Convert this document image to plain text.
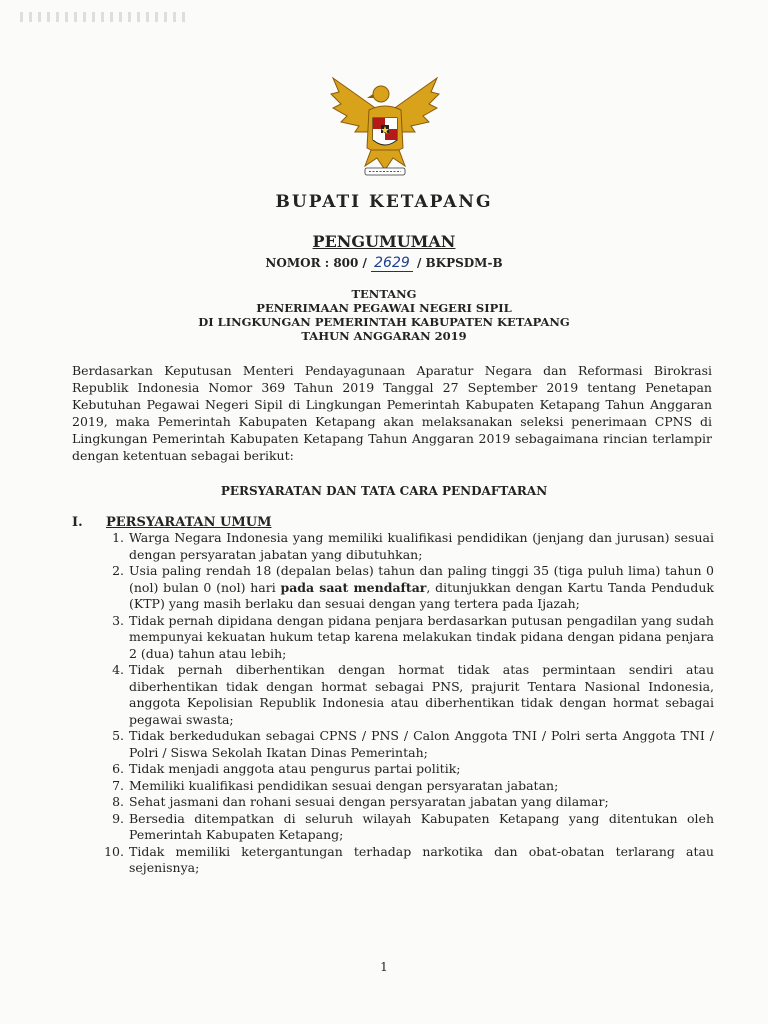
BUPATI KETAPANG
PENGUMUMAN
NOMOR : 800 / 2629 / BKPSDM-B
TENTANG
PENERIMAAN PEGAWAI NEGERI SIPIL
DI LINGKUNGAN PEMERINTAH KABUPATEN KETAPANG
TAHUN ANGGARAN 2019
Berdasarkan Keputusan Menteri Pendayagunaan Aparatur Negara dan Reformasi Birokrasi Republik Indonesia Nomor 369 Tahun 2019 Tanggal 27 September 2019 tentang Penetapan Kebutuhan Pegawai Negeri Sipil di Lingkungan Pemerintah Kabupaten Ketapang Tahun Anggaran 2019, maka Pemerintah Kabupaten Ketapang akan melaksanakan seleksi penerimaan CPNS di Lingkungan Pemerintah Kabupaten Ketapang Tahun Anggaran 2019 sebagaimana rincian terlampir dengan ketentuan sebagai berikut:
PERSYARATAN DAN TATA CARA PENDAFTARAN
I. PERSYARATAN UMUM
1. Warga Negara Indonesia yang memiliki kualifikasi pendidikan (jenjang dan jurusan) sesuai dengan persyaratan jabatan yang dibutuhkan;
2. Usia paling rendah 18 (depalan belas) tahun dan paling tinggi 35 (tiga puluh lima) tahun 0 (nol) bulan 0 (nol) hari pada saat mendaftar, ditunjukkan dengan Kartu Tanda Penduduk (KTP) yang masih berlaku dan sesuai dengan yang tertera pada Ijazah;
3. Tidak pernah dipidana dengan pidana penjara berdasarkan putusan pengadilan yang sudah mempunyai kekuatan hukum tetap karena melakukan tindak pidana dengan pidana penjara 2 (dua) tahun atau lebih;
4. Tidak pernah diberhentikan dengan hormat tidak atas permintaan sendiri atau diberhentikan tidak dengan hormat sebagai PNS, prajurit Tentara Nasional Indonesia, anggota Kepolisian Republik Indonesia atau diberhentikan tidak dengan hormat sebagai pegawai swasta;
5. Tidak berkedudukan sebagai CPNS / PNS / Calon Anggota TNI / Polri serta Anggota TNI / Polri / Siswa Sekolah Ikatan Dinas Pemerintah;
6. Tidak menjadi anggota atau pengurus partai politik;
7. Memiliki kualifikasi pendidikan sesuai dengan persyaratan jabatan;
8. Sehat jasmani dan rohani sesuai dengan persyaratan jabatan yang dilamar;
9. Bersedia ditempatkan di seluruh wilayah Kabupaten Ketapang yang ditentukan oleh Pemerintah Kabupaten Ketapang;
10. Tidak memiliki ketergantungan terhadap narkotika dan obat-obatan terlarang atau sejenisnya;
1
